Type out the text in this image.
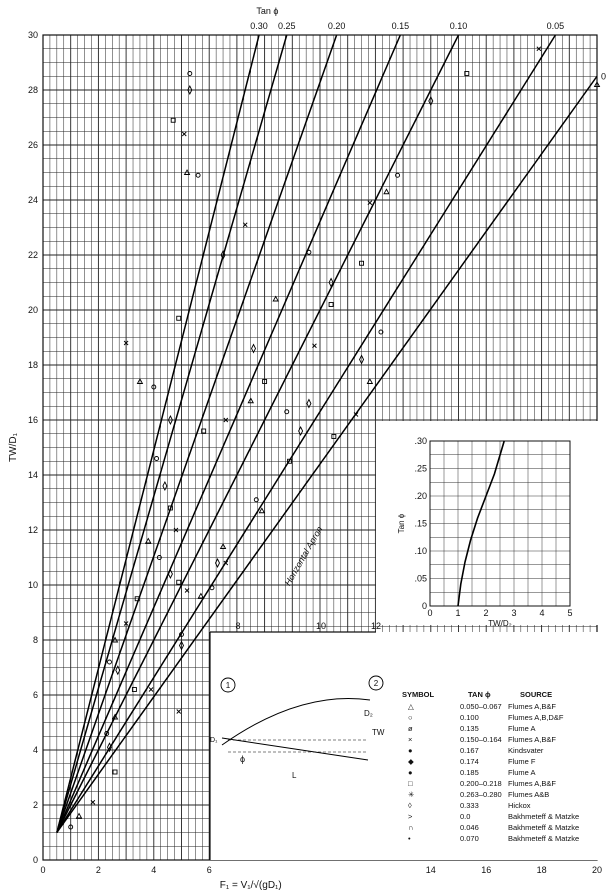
0.30 0.25	0.20	0.15	0.10	0.05
0
Horizontal Apron
0	2	4	6	14	16	18	20
0
2
4
6
8
10
12
14
16
18
20
22
24
26
28
30
TW/D₁
F₁ = V₁/√(gD₁)
Tan ϕ
0	1	2	3	4	5
0
.05
.10
.15
.20
.25
.30
TW/D₂
Tan ϕ
8	10	12
1	2
D₂
TW
D₁
ϕ
L
SYMBOL	TAN ϕ	SOURCE
△	0.050–0.067 Flumes A,B&F
○	0.100	Flumes A,B,D&F
ø	0.135	Flume A
×	0.150–0.164 Flumes A,B&F
●	0.167	Kindsvater
◆	0.174	Flume F
●	0.185	Flume A
□	0.200–0.218 Flumes A,B&F
✳	0.263–0.280 Flumes A&B
◊	0.333	Hickox
>	0.0	Bakhmeteff & Matzke
∩	0.046	Bakhmeteff & Matzke
•	0.070	Bakhmeteff & Matzke
